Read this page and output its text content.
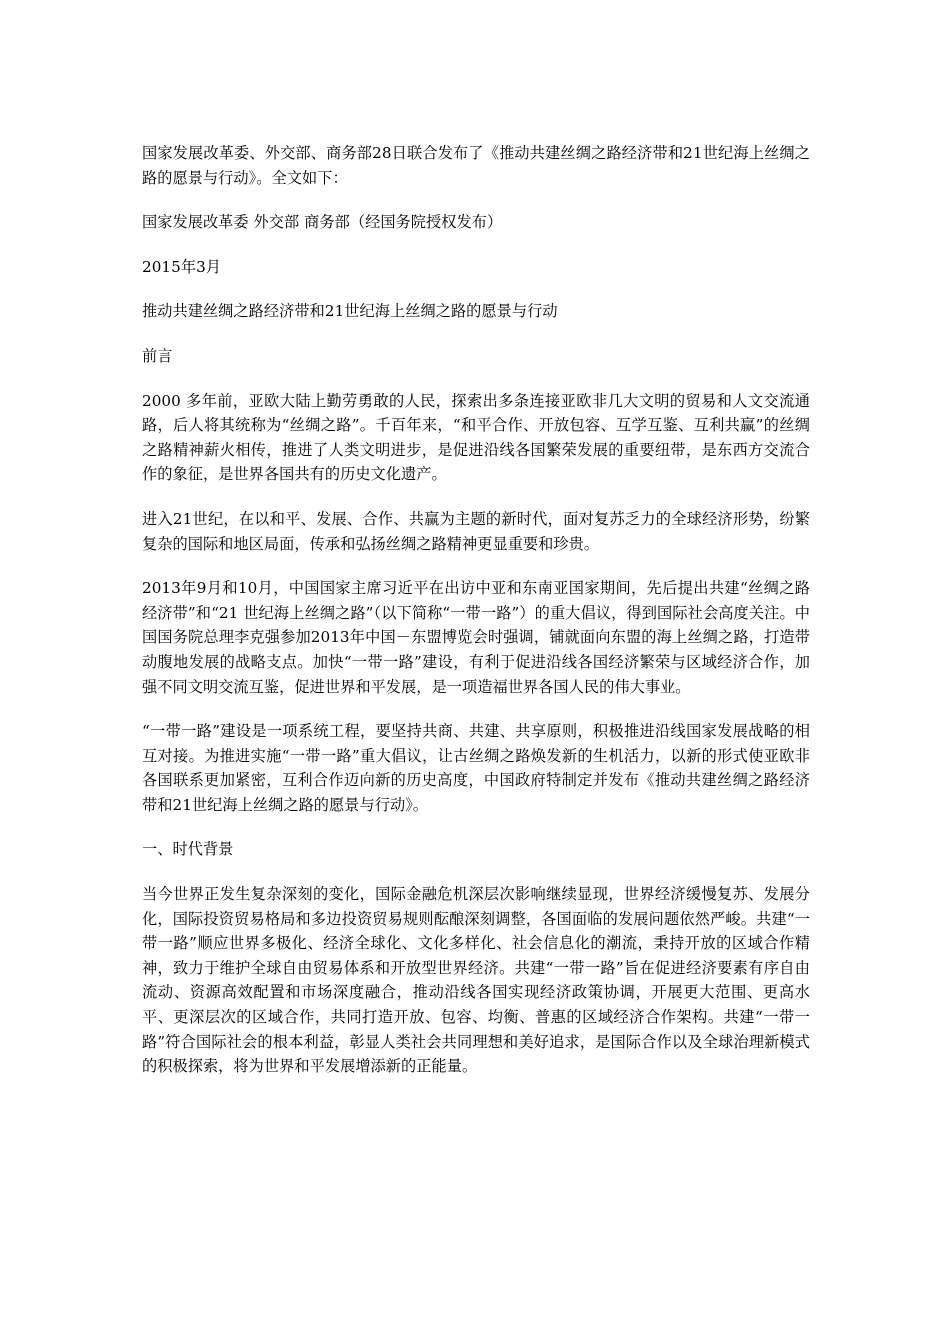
国家发展改革委、外交部、商务部28日联合发布了《推动共建丝绸之路经济带和21世纪海上丝绸之路的愿景与行动》。全文如下：

国家发展改革委 外交部 商务部（经国务院授权发布）

2015年3月

推动共建丝绸之路经济带和21世纪海上丝绸之路的愿景与行动

前言

2000 多年前，亚欧大陆上勤劳勇敢的人民，探索出多条连接亚欧非几大文明的贸易和人文交流通路，后人将其统称为“丝绸之路”。千百年来，“和平合作、开放包容、互学互鉴、互利共赢”的丝绸之路精神薪火相传，推进了人类文明进步，是促进沿线各国繁荣发展的重要纽带，是东西方交流合作的象征，是世界各国共有的历史文化遗产。

进入21世纪，在以和平、发展、合作、共赢为主题的新时代，面对复苏乏力的全球经济形势，纷繁复杂的国际和地区局面，传承和弘扬丝绸之路精神更显重要和珍贵。

2013年9月和10月，中国国家主席习近平在出访中亚和东南亚国家期间，先后提出共建“丝绸之路经济带”和“21 世纪海上丝绸之路”（以下简称“一带一路”）的重大倡议，得到国际社会高度关注。中国国务院总理李克强参加2013年中国－东盟博览会时强调，铺就面向东盟的海上丝绸之路，打造带动腹地发展的战略支点。加快“一带一路”建设，有利于促进沿线各国经济繁荣与区域经济合作，加强不同文明交流互鉴，促进世界和平发展，是一项造福世界各国人民的伟大事业。

“一带一路”建设是一项系统工程，要坚持共商、共建、共享原则，积极推进沿线国家发展战略的相互对接。为推进实施“一带一路”重大倡议，让古丝绸之路焕发新的生机活力，以新的形式使亚欧非各国联系更加紧密，互利合作迈向新的历史高度，中国政府特制定并发布《推动共建丝绸之路经济带和21世纪海上丝绸之路的愿景与行动》。

一、时代背景

当今世界正发生复杂深刻的变化，国际金融危机深层次影响继续显现，世界经济缓慢复苏、发展分化，国际投资贸易格局和多边投资贸易规则酝酿深刻调整，各国面临的发展问题依然严峻。共建“一带一路”顺应世界多极化、经济全球化、文化多样化、社会信息化的潮流，秉持开放的区域合作精神，致力于维护全球自由贸易体系和开放型世界经济。共建“一带一路”旨在促进经济要素有序自由流动、资源高效配置和市场深度融合，推动沿线各国实现经济政策协调，开展更大范围、更高水平、更深层次的区域合作，共同打造开放、包容、均衡、普惠的区域经济合作架构。共建“一带一路”符合国际社会的根本利益，彰显人类社会共同理想和美好追求，是国际合作以及全球治理新模式的积极探索，将为世界和平发展增添新的正能量。
